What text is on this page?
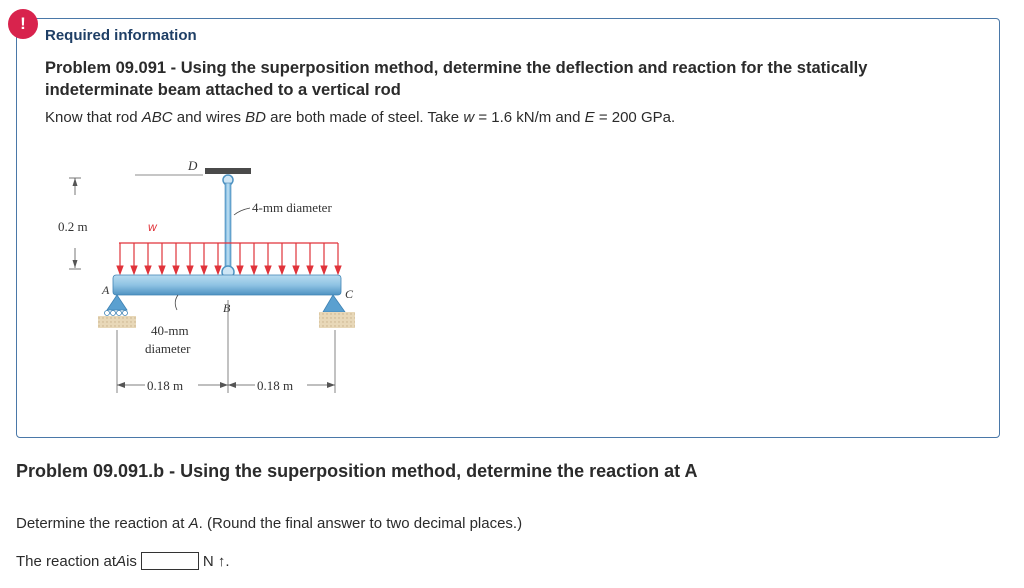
!
Required information
Problem 09.091 - Using the superposition method, determine the deflection and reaction for the statically indeterminate beam attached to a vertical rod
Know that rod ABC and wires BD are both made of steel. Take w = 1.6 kN/m and E = 200 GPa.
D
4-mm diameter
0.2 m	w
A
B
C
40-mm
diameter
0.18 m	0.18 m
Problem 09.091.b - Using the superposition method, determine the reaction at A
Determine the reaction at A. (Round the final answer to two decimal places.)
The reaction at A is	N ↑.
